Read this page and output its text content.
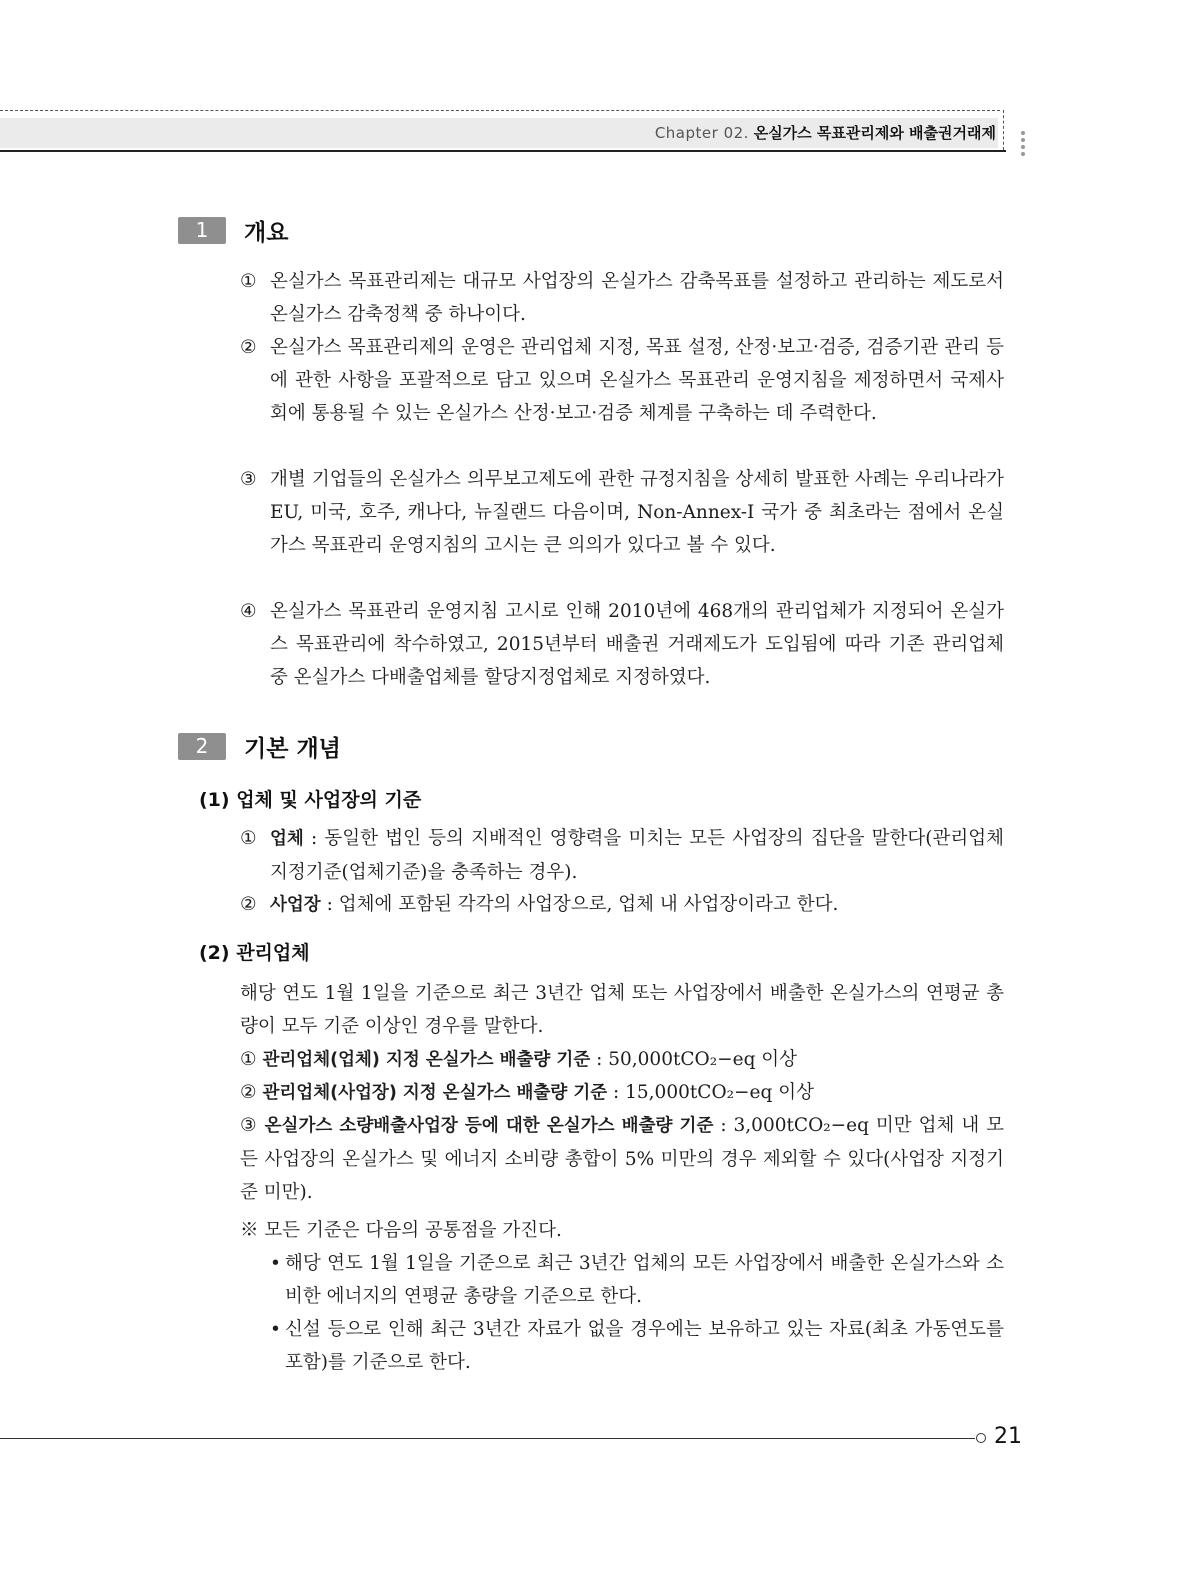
Chapter 02. 온실가스 목표관리제와 배출권거래제
1	개요
① 온실가스 목표관리제는 대규모 사업장의 온실가스 감축목표를 설정하고 관리하는 제도로서 온실가스 감축정책 중 하나이다.
② 온실가스 목표관리제의 운영은 관리업체 지정, 목표 설정, 산정·보고·검증, 검증기관 관리 등에 관한 사항을 포괄적으로 담고 있으며 온실가스 목표관리 운영지침을 제정하면서 국제사회에 통용될 수 있는 온실가스 산정·보고·검증 체계를 구축하는 데 주력한다.
③ 개별 기업들의 온실가스 의무보고제도에 관한 규정지침을 상세히 발표한 사례는 우리나라가 EU, 미국, 호주, 캐나다, 뉴질랜드 다음이며, Non-Annex-I 국가 중 최초라는 점에서 온실가스 목표관리 운영지침의 고시는 큰 의의가 있다고 볼 수 있다.
④ 온실가스 목표관리 운영지침 고시로 인해 2010년에 468개의 관리업체가 지정되어 온실가스 목표관리에 착수하였고, 2015년부터 배출권 거래제도가 도입됨에 따라 기존 관리업체 중 온실가스 다배출업체를 할당지정업체로 지정하였다.
2	기본 개념
(1) 업체 및 사업장의 기준
① 업체 : 동일한 법인 등의 지배적인 영향력을 미치는 모든 사업장의 집단을 말한다(관리업체 지정기준(업체기준)을 충족하는 경우).
② 사업장 : 업체에 포함된 각각의 사업장으로, 업체 내 사업장이라고 한다.
(2) 관리업체
해당 연도 1월 1일을 기준으로 최근 3년간 업체 또는 사업장에서 배출한 온실가스의 연평균 총량이 모두 기준 이상인 경우를 말한다.
① 관리업체(업체) 지정 온실가스 배출량 기준 : 50,000tCO₂−eq 이상
② 관리업체(사업장) 지정 온실가스 배출량 기준 : 15,000tCO₂−eq 이상
③ 온실가스 소량배출사업장 등에 대한 온실가스 배출량 기준 : 3,000tCO₂−eq 미만 업체 내 모든 사업장의 온실가스 및 에너지 소비량 총합이 5% 미만의 경우 제외할 수 있다(사업장 지정기준 미만).
※ 모든 기준은 다음의 공통점을 가진다.
• 해당 연도 1월 1일을 기준으로 최근 3년간 업체의 모든 사업장에서 배출한 온실가스와 소비한 에너지의 연평균 총량을 기준으로 한다.
• 신설 등으로 인해 최근 3년간 자료가 없을 경우에는 보유하고 있는 자료(최초 가동연도를 포함)를 기준으로 한다.
21
